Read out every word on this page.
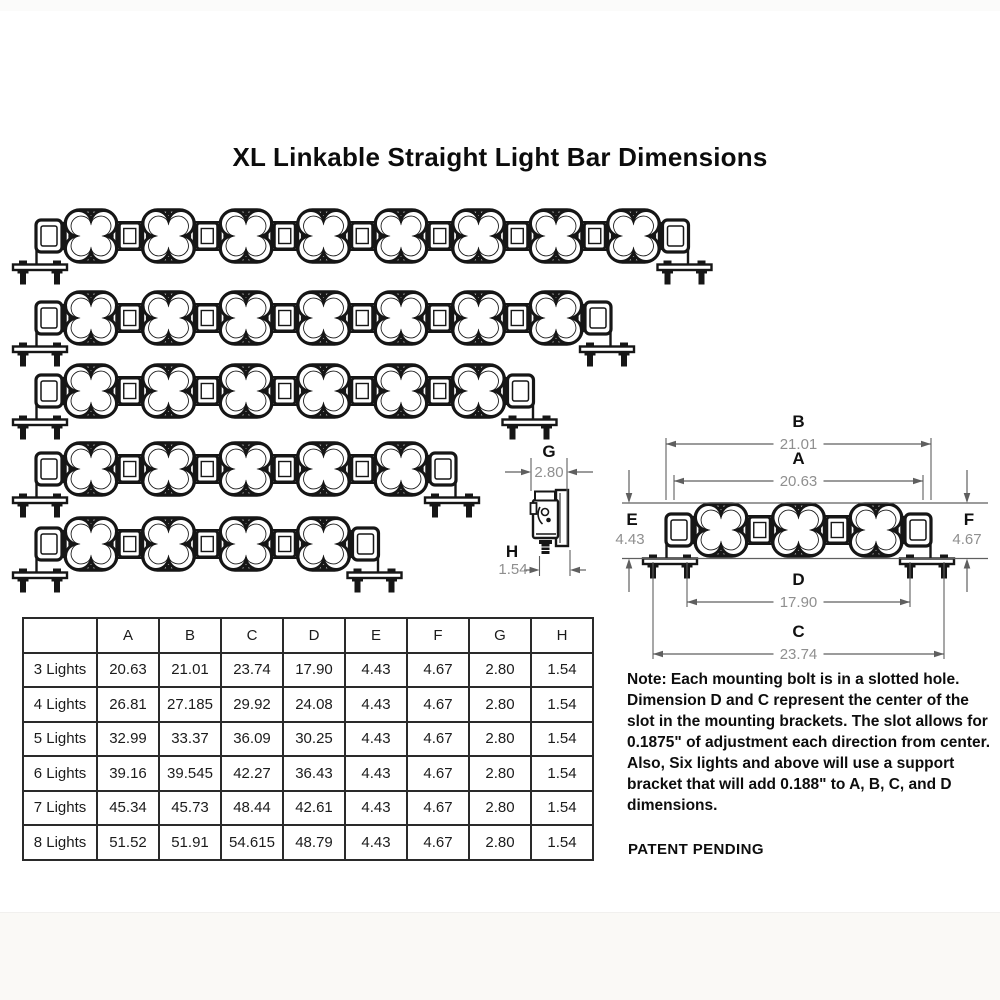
XL Linkable Straight Light Bar Dimensions
B
21.01
A
20.63
E
4.43
F
4.67
D
17.90
C
23.74
2.80
G
H
1.54
	A	B	C	D	E	F	G	H
3 Lights	20.63	21.01	23.74	17.90	4.43	4.67	2.80	1.54
4 Lights	26.81	27.185	29.92	24.08	4.43	4.67	2.80	1.54
5 Lights	32.99	33.37	36.09	30.25	4.43	4.67	2.80	1.54
6 Lights	39.16	39.545	42.27	36.43	4.43	4.67	2.80	1.54
7 Lights	45.34	45.73	48.44	42.61	4.43	4.67	2.80	1.54
8 Lights	51.52	51.91	54.615	48.79	4.43	4.67	2.80	1.54
Note: Each mounting bolt is in a slotted hole. Dimension D and C represent the center of the slot in the mounting brackets. The slot allows for 0.1875" of adjustment each direction from center. Also, Six lights and above will use a support bracket that will add 0.188" to A, B, C, and D dimensions.
PATENT PENDING
